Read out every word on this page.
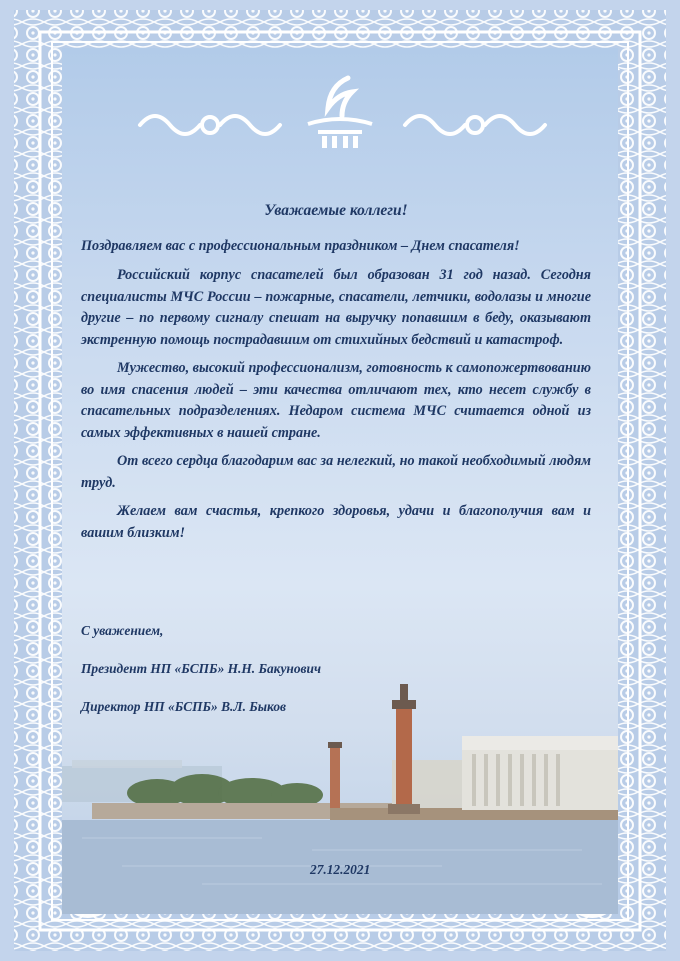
Уважаемые коллеги!

Поздравляем вас с профессиональным праздником – Днем спасателя!

Российский корпус спасателей был образован 31 год назад. Сегодня специалисты МЧС России – пожарные, спасатели, летчики, водолазы и многие другие – по первому сигналу спешат на выручку попавшим в беду, оказывают экстренную помощь пострадавшим от стихийных бедствий и катастроф.

Мужество, высокий профессионализм, готовность к самопожертвованию во имя спасения людей – эти качества отличают тех, кто несет службу в спасательных подразделениях. Недаром система МЧС считается одной из самых эффективных в нашей стране.

От всего сердца благодарим вас за нелегкий, но такой необходимый людям труд.

Желаем вам счастья, крепкого здоровья, удачи и благополучия вам и вашим близким!

С уважением,
Президент НП «БСПБ» Н.Н. Бакунович
Директор НП «БСПБ» В.Л. Быков
27.12.2021
